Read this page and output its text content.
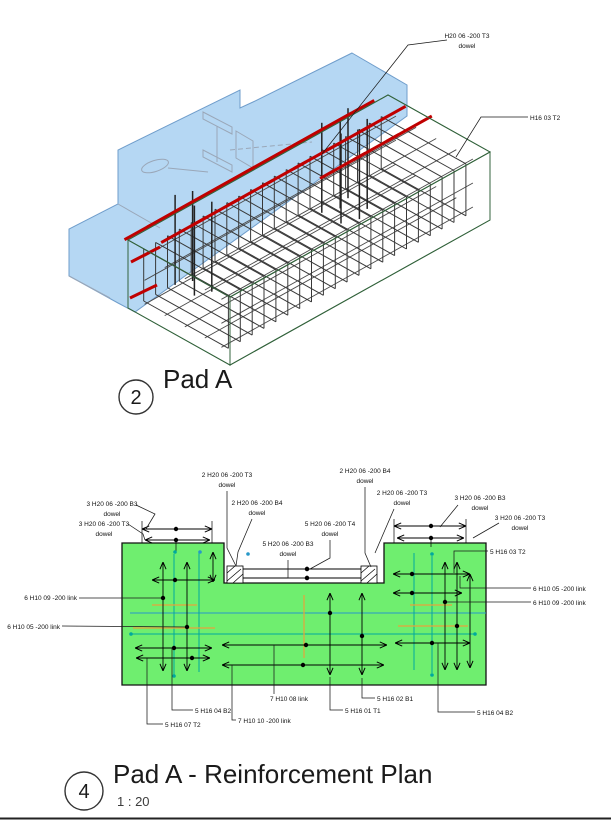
H20 06 -200 T3 dowel
H16 03 T2
3 H20 06 -200 B3 dowel
3 H20 06 -200 T3 dowel
2 H20 06 -200 T3 dowel
2 H20 06 -200 B4 dowel
5 H20 06 -200 T4 dowel
5 H20 06 -200 B3 dowel
2 H20 06 -200 B4 dowel
2 H20 06 -200 T3 dowel
3 H20 06 -200 B3 dowel
3 H20 06 -200 T3 dowel
5 H16 03 T2
6 H10 05 -200 link
6 H10 09 -200 link
6 H10 09 -200 link
6 H10 05 -200 link
5 H16 04 B2
5 H16 07 T2
7 H10 08 link
7 H10 10 -200 link
5 H16 01 T1
5 H16 02 B1
5 H16 04 B2
2
Pad A
4
Pad A - Reinforcement Plan
1 : 20
